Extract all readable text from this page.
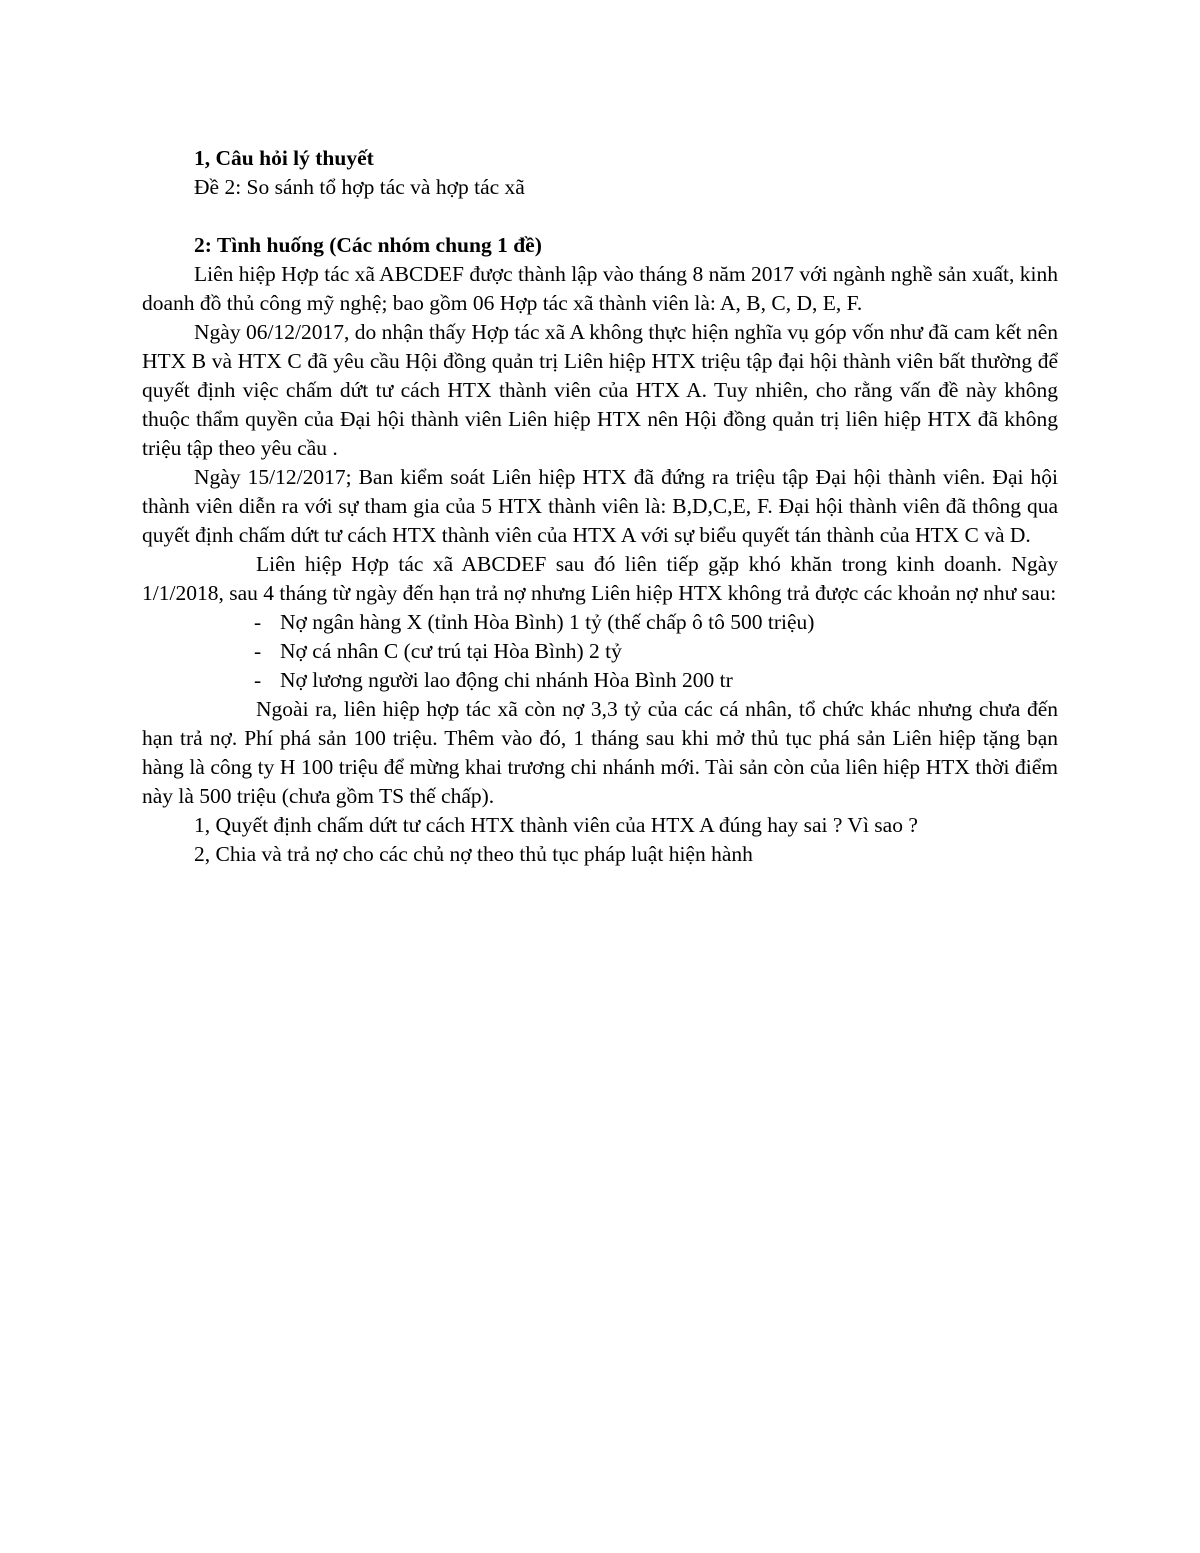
1, Câu hỏi lý thuyết

Đề 2: So sánh tổ hợp tác và hợp tác xã

2: Tình huống (Các nhóm chung 1 đề)

Liên hiệp Hợp tác xã ABCDEF được thành lập vào tháng 8 năm 2017 với ngành nghề sản xuất, kinh doanh đồ thủ công mỹ nghệ; bao gồm 06 Hợp tác xã thành viên là: A, B, C, D, E, F.

Ngày 06/12/2017, do nhận thấy Hợp tác xã A không thực hiện nghĩa vụ góp vốn như đã cam kết nên HTX B và HTX C đã yêu cầu Hội đồng quản trị Liên hiệp HTX triệu tập đại hội thành viên bất thường để quyết định việc chấm dứt tư cách HTX thành viên của HTX A. Tuy nhiên, cho rằng vấn đề này không thuộc thẩm quyền của Đại hội thành viên Liên hiệp HTX nên Hội đồng quản trị liên hiệp HTX đã không triệu tập theo yêu cầu .

Ngày 15/12/2017; Ban kiểm soát Liên hiệp HTX đã đứng ra triệu tập Đại hội thành viên. Đại hội thành viên diễn ra với sự tham gia của 5 HTX thành viên là: B,D,C,E, F. Đại hội thành viên đã thông qua quyết định chấm dứt tư cách HTX thành viên của HTX A với sự biểu quyết tán thành của HTX C và D.

Liên hiệp Hợp tác xã ABCDEF sau đó liên tiếp gặp khó khăn trong kinh doanh. Ngày 1/1/2018, sau 4 tháng từ ngày đến hạn trả nợ nhưng Liên hiệp HTX không trả được các khoản nợ như sau:

- Nợ ngân hàng X (tỉnh Hòa Bình) 1 tỷ (thế chấp ô tô 500 triệu)
- Nợ cá nhân C (cư trú tại Hòa Bình) 2 tỷ
- Nợ lương người lao động chi nhánh Hòa Bình 200 tr

Ngoài ra, liên hiệp hợp tác xã còn nợ 3,3 tỷ của các cá nhân, tổ chức khác nhưng chưa đến hạn trả nợ. Phí phá sản 100 triệu. Thêm vào đó, 1 tháng sau khi mở thủ tục phá sản Liên hiệp tặng bạn hàng là công ty H 100 triệu để mừng khai trương chi nhánh mới. Tài sản còn của liên hiệp HTX thời điểm này là 500 triệu (chưa gồm TS thế chấp).

1, Quyết định chấm dứt tư cách HTX thành viên của HTX A đúng hay sai ? Vì sao ?

2, Chia và trả nợ cho các chủ nợ theo thủ tục pháp luật hiện hành
